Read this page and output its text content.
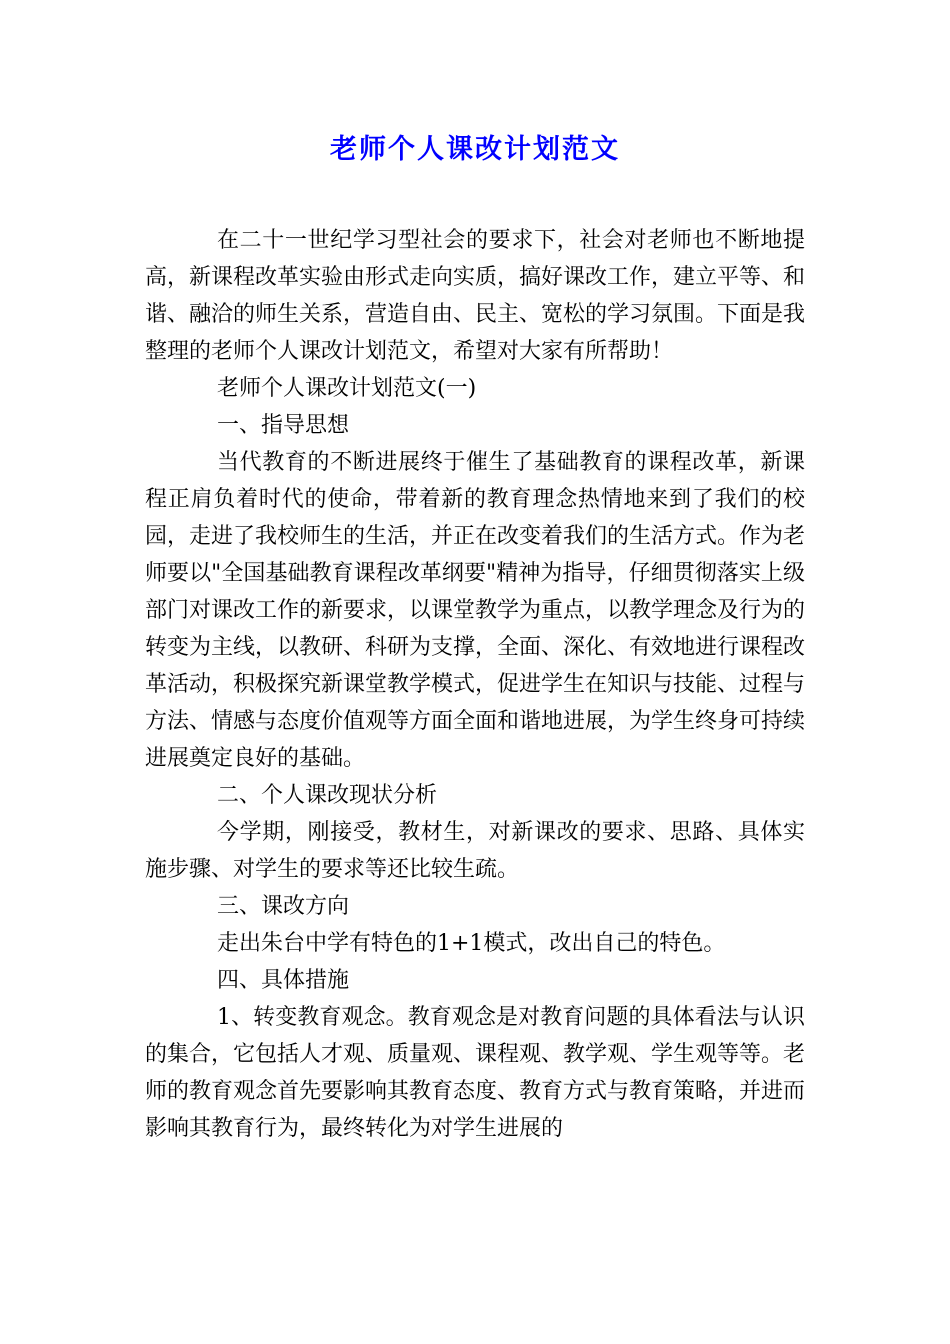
老师个人课改计划范文

在二十一世纪学习型社会的要求下，社会对老师也不断地提高，新课程改革实验由形式走向实质，搞好课改工作，建立平等、和谐、融洽的师生关系，营造自由、民主、宽松的学习氛围。下面是我整理的老师个人课改计划范文，希望对大家有所帮助！

老师个人课改计划范文(一)

一、指导思想

当代教育的不断进展终于催生了基础教育的课程改革，新课程正肩负着时代的使命，带着新的教育理念热情地来到了我们的校园，走进了我校师生的生活，并正在改变着我们的生活方式。作为老师要以"全国基础教育课程改革纲要"精神为指导，仔细贯彻落实上级部门对课改工作的新要求，以课堂教学为重点，以教学理念及行为的转变为主线，以教研、科研为支撑，全面、深化、有效地进行课程改革活动，积极探究新课堂教学模式，促进学生在知识与技能、过程与方法、情感与态度价值观等方面全面和谐地进展，为学生终身可持续进展奠定良好的基础。

二、个人课改现状分析

今学期，刚接受，教材生，对新课改的要求、思路、具体实施步骤、对学生的要求等还比较生疏。

三、课改方向

走出朱台中学有特色的1+1模式，改出自己的特色。

四、具体措施

1、转变教育观念。教育观念是对教育问题的具体看法与认识的集合，它包括人才观、质量观、课程观、教学观、学生观等等。老师的教育观念首先要影响其教育态度、教育方式与教育策略，并进而影响其教育行为，最终转化为对学生进展的
